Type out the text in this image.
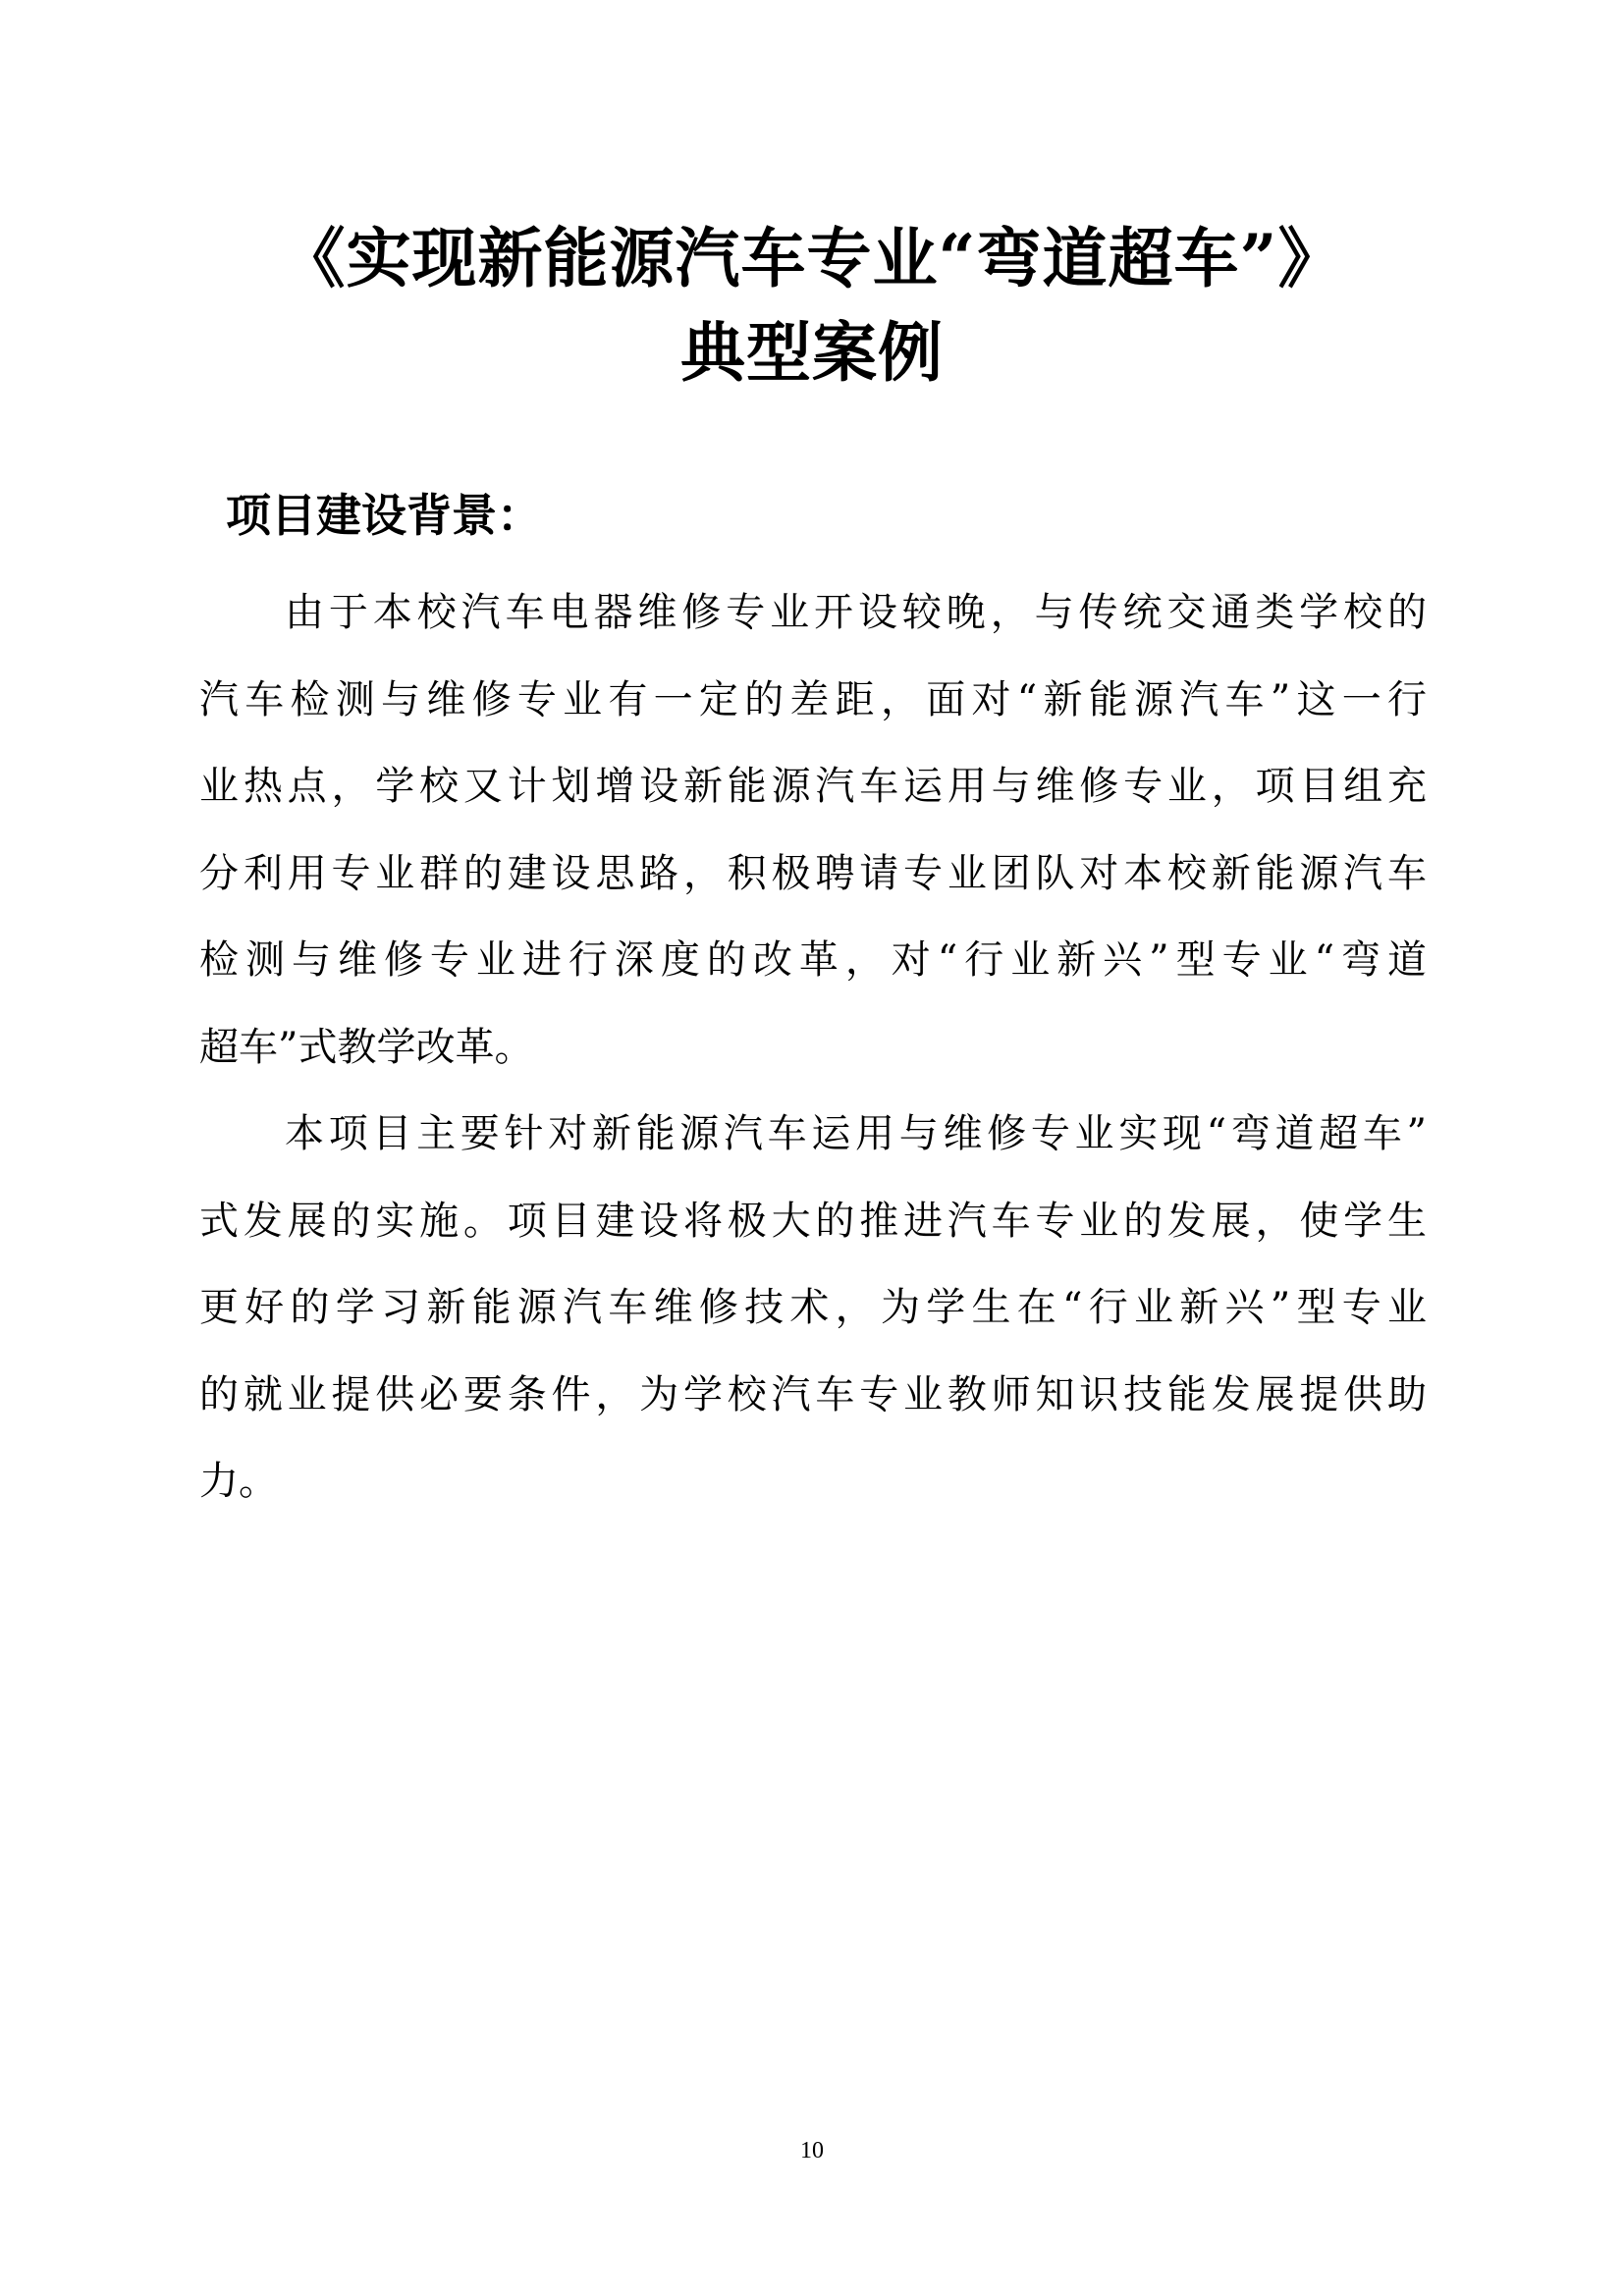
《实现新能源汽车专业“弯道超车”》
典型案例
项目建设背景：
由于本校汽车电器维修专业开设较晚，与传统交通类学校的
汽车检测与维修专业有一定的差距，面对“新能源汽车”这一行
业热点，学校又计划增设新能源汽车运用与维修专业，项目组充
分利用专业群的建设思路，积极聘请专业团队对本校新能源汽车
检测与维修专业进行深度的改革，对“行业新兴”型专业“弯道
超车”式教学改革。
本项目主要针对新能源汽车运用与维修专业实现“弯道超车”
式发展的实施。项目建设将极大的推进汽车专业的发展，使学生
更好的学习新能源汽车维修技术，为学生在“行业新兴”型专业
的就业提供必要条件，为学校汽车专业教师知识技能发展提供助
力。
10
